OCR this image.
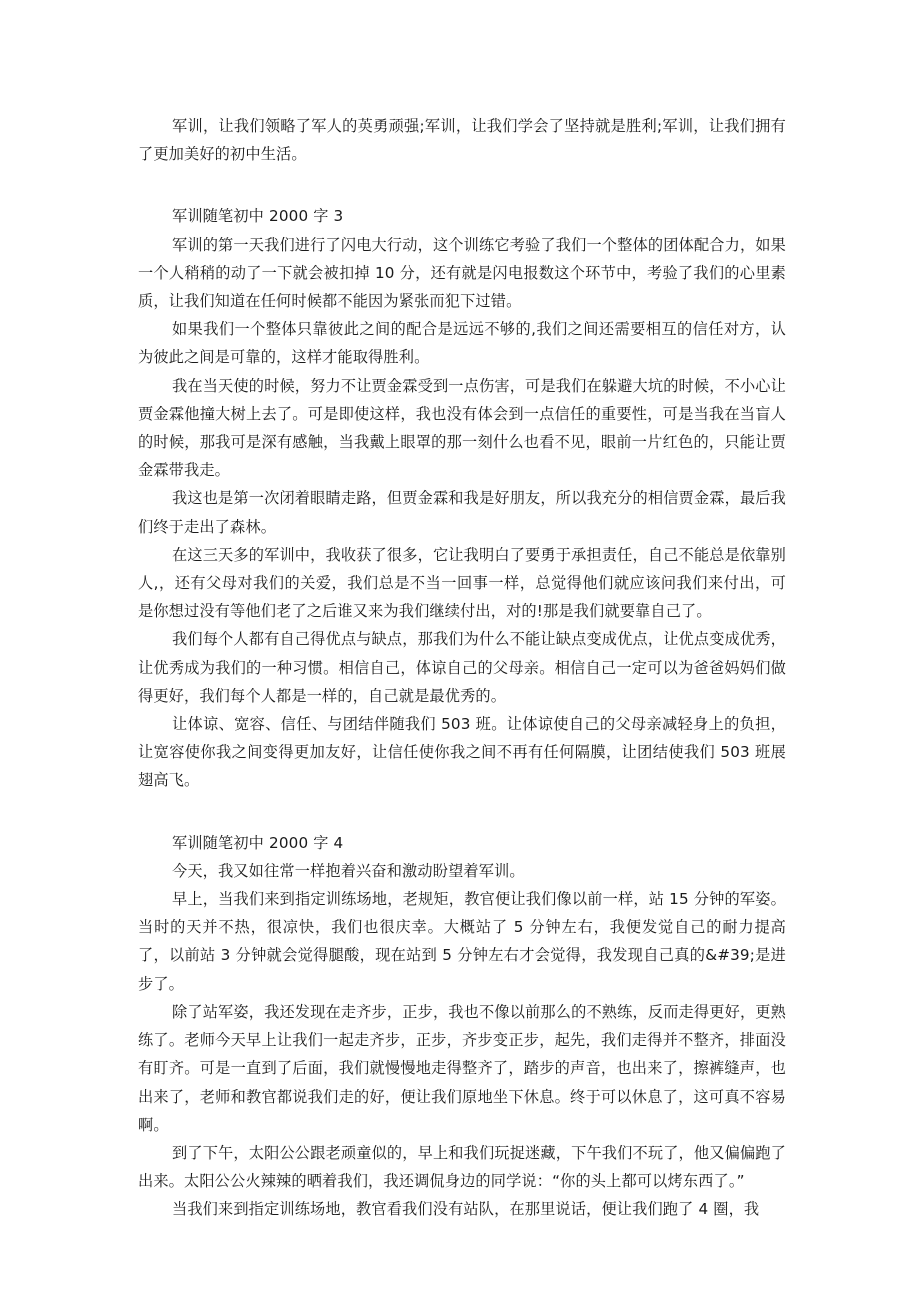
军训，让我们领略了军人的英勇顽强;军训，让我们学会了坚持就是胜利;军训，让我们拥有了更加美好的初中生活。

军训随笔初中 2000 字 3

军训的第一天我们进行了闪电大行动，这个训练它考验了我们一个整体的团体配合力，如果一个人稍稍的动了一下就会被扣掉 10 分，还有就是闪电报数这个环节中，考验了我们的心里素质，让我们知道在任何时候都不能因为紧张而犯下过错。

如果我们一个整体只靠彼此之间的配合是远远不够的,我们之间还需要相互的信任对方，认为彼此之间是可靠的，这样才能取得胜利。

我在当天使的时候，努力不让贾金霖受到一点伤害，可是我们在躲避大坑的时候，不小心让贾金霖他撞大树上去了。可是即使这样，我也没有体会到一点信任的重要性，可是当我在当盲人的时候，那我可是深有感触，当我戴上眼罩的那一刻什么也看不见，眼前一片红色的，只能让贾金霖带我走。

我这也是第一次闭着眼睛走路，但贾金霖和我是好朋友，所以我充分的相信贾金霖，最后我们终于走出了森林。

在这三天多的军训中，我收获了很多，它让我明白了要勇于承担责任，自己不能总是依靠别人,，还有父母对我们的关爱，我们总是不当一回事一样，总觉得他们就应该问我们来付出，可是你想过没有等他们老了之后谁又来为我们继续付出，对的!那是我们就要靠自己了。

我们每个人都有自己得优点与缺点，那我们为什么不能让缺点变成优点，让优点变成优秀，让优秀成为我们的一种习惯。相信自己，体谅自己的父母亲。相信自己一定可以为爸爸妈妈们做得更好，我们每个人都是一样的，自己就是最优秀的。

让体谅、宽容、信任、与团结伴随我们 503 班。让体谅使自己的父母亲减轻身上的负担，让宽容使你我之间变得更加友好，让信任使你我之间不再有任何隔膜，让团结使我们 503 班展翅高飞。

军训随笔初中 2000 字 4

今天，我又如往常一样抱着兴奋和激动盼望着军训。

早上，当我们来到指定训练场地，老规矩，教官便让我们像以前一样，站 15 分钟的军姿。当时的天并不热，很凉快，我们也很庆幸。大概站了 5 分钟左右，我便发觉自己的耐力提高了，以前站 3 分钟就会觉得腿酸，现在站到 5 分钟左右才会觉得，我发现自己真的&#39;是进步了。

除了站军姿，我还发现在走齐步，正步，我也不像以前那么的不熟练，反而走得更好，更熟练了。老师今天早上让我们一起走齐步，正步，齐步变正步，起先，我们走得并不整齐，排面没有盯齐。可是一直到了后面，我们就慢慢地走得整齐了，踏步的声音，也出来了，擦裤缝声，也出来了，老师和教官都说我们走的好，便让我们原地坐下休息。终于可以休息了，这可真不容易啊。

到了下午，太阳公公跟老顽童似的，早上和我们玩捉迷藏，下午我们不玩了，他又偏偏跑了出来。太阳公公火辣辣的晒着我们，我还调侃身边的同学说：“你的头上都可以烤东西了。”

当我们来到指定训练场地，教官看我们没有站队，在那里说话，便让我们跑了 4 圈，我
